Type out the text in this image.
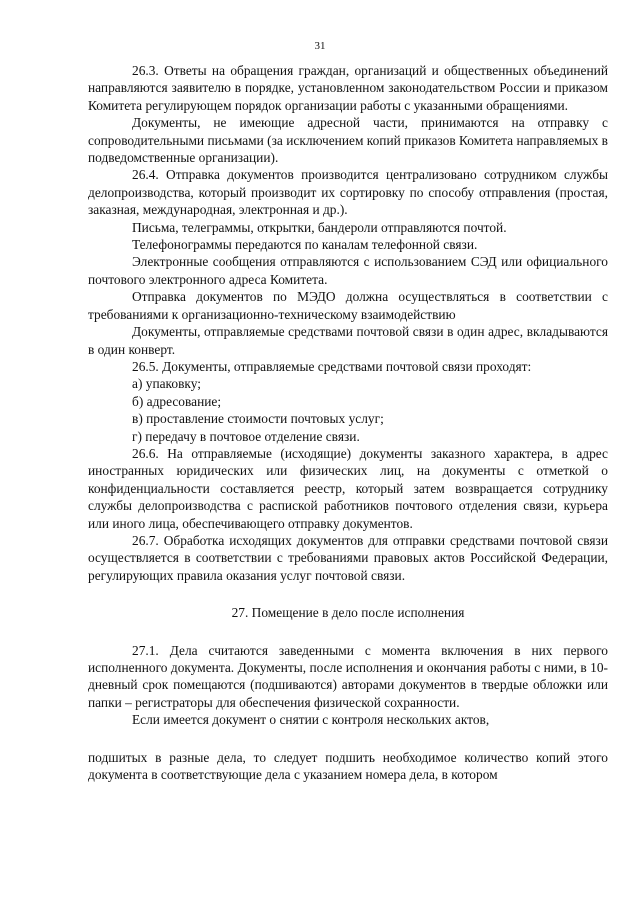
31

26.3. Ответы на обращения граждан, организаций и общественных объединений направляются заявителю в порядке, установленном законодательством России и приказом Комитета регулирующем порядок организации работы с указанными обращениями.

Документы, не имеющие адресной части, принимаются на отправку с сопроводительными письмами (за исключением копий приказов Комитета направляемых в подведомственные организации).

26.4. Отправка документов производится централизовано сотрудником службы делопроизводства, который производит их сортировку по способу отправления (простая, заказная, международная, электронная и др.).

Письма, телеграммы, открытки, бандероли отправляются почтой.

Телефонограммы передаются по каналам телефонной связи.

Электронные сообщения отправляются с использованием СЭД или официального почтового электронного адреса Комитета.

Отправка документов по МЭДО должна осуществляться в соответствии с требованиями к организационно-техническому взаимодействию

Документы, отправляемые средствами почтовой связи в один адрес, вкладываются в один конверт.

26.5. Документы, отправляемые средствами почтовой связи проходят:

а) упаковку;

б) адресование;

в) проставление стоимости почтовых услуг;

г) передачу в почтовое отделение связи.

26.6. На отправляемые (исходящие) документы заказного характера, в адрес иностранных юридических или физических лиц, на документы с отметкой о конфиденциальности составляется реестр, который затем возвращается сотруднику службы делопроизводства с распиской работников почтового отделения связи, курьера или иного лица, обеспечивающего отправку документов.

26.7. Обработка исходящих документов для отправки средствами почтовой связи осуществляется в соответствии с требованиями правовых актов Российской Федерации, регулирующих правила оказания услуг почтовой связи.

27. Помещение в дело после исполнения

27.1. Дела считаются заведенными с момента включения в них первого исполненного документа. Документы, после исполнения и окончания работы с ними, в 10-дневный срок помещаются (подшиваются) авторами документов в твердые обложки или папки – регистраторы для обеспечения физической сохранности.

Если имеется документ о снятии с контроля нескольких актов,

подшитых в разные дела, то следует подшить необходимое количество копий этого документа в соответствующие дела с указанием номера дела, в котором
